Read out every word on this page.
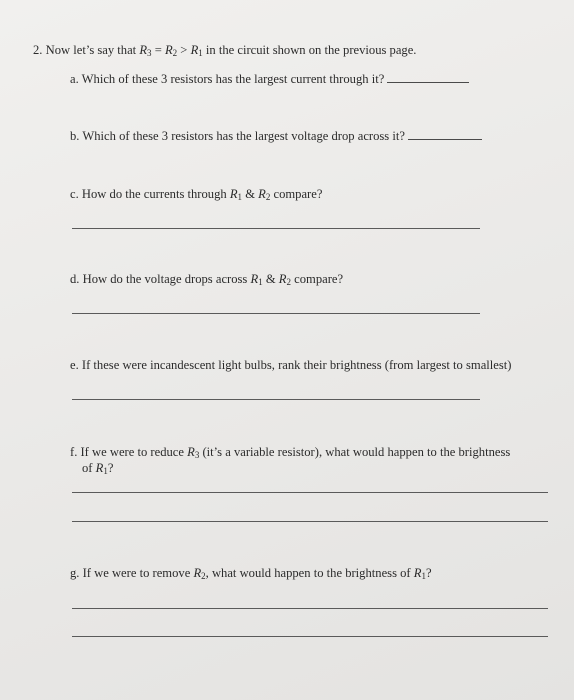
2. Now let’s say that $R_3 = R_2 > R_1$ in the circuit shown on the previous page.
a. Which of these 3 resistors has the largest current through it?
b. Which of these 3 resistors has the largest voltage drop across it?
c. How do the currents through $R_1$ & $R_2$ compare?
d. How do the voltage drops across $R_1$ & $R_2$ compare?
e. If these were incandescent light bulbs, rank their brightness (from largest to smallest)
f. If we were to reduce $R_3$ (it’s a variable resistor), what would happen to the brightness
of $R_1$?
g. If we were to remove $R_2$, what would happen to the brightness of $R_1$?
